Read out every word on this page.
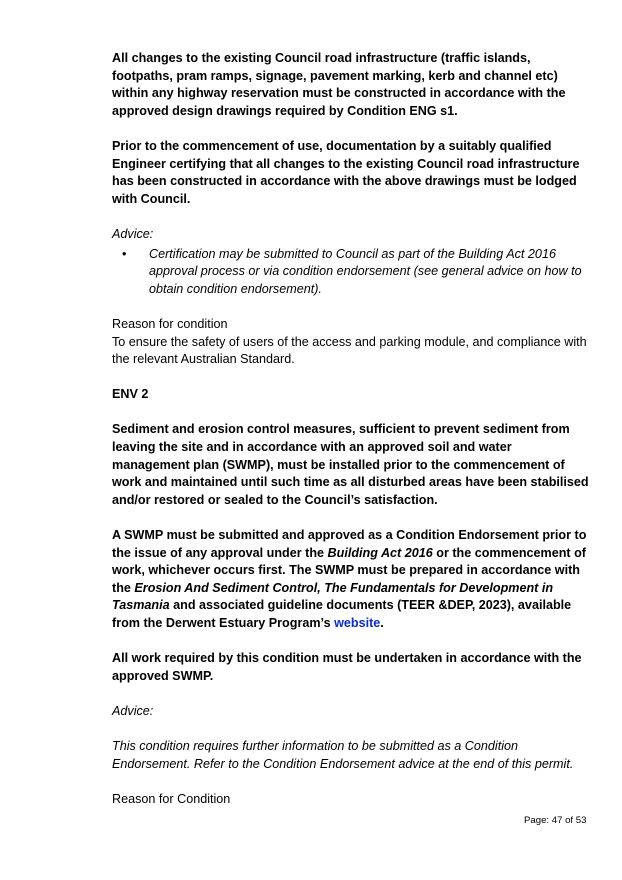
All changes to the existing Council road infrastructure (traffic islands, footpaths, pram ramps, signage, pavement marking, kerb and channel etc) within any highway reservation must be constructed in accordance with the approved design drawings required by Condition ENG s1.

Prior to the commencement of use, documentation by a suitably qualified Engineer certifying that all changes to the existing Council road infrastructure has been constructed in accordance with the above drawings must be lodged with Council.

Advice:

• Certification may be submitted to Council as part of the Building Act 2016 approval process or via condition endorsement (see general advice on how to obtain condition endorsement).

Reason for condition

To ensure the safety of users of the access and parking module, and compliance with the relevant Australian Standard.

ENV 2

Sediment and erosion control measures, sufficient to prevent sediment from leaving the site and in accordance with an approved soil and water management plan (SWMP), must be installed prior to the commencement of work and maintained until such time as all disturbed areas have been stabilised and/or restored or sealed to the Council’s satisfaction.

A SWMP must be submitted and approved as a Condition Endorsement prior to the issue of any approval under the Building Act 2016 or the commencement of work, whichever occurs first. The SWMP must be prepared in accordance with the Erosion And Sediment Control, The Fundamentals for Development in Tasmania and associated guideline documents (TEER &DEP, 2023), available from the Derwent Estuary Program’s website.

All work required by this condition must be undertaken in accordance with the approved SWMP.

Advice:

This condition requires further information to be submitted as a Condition Endorsement. Refer to the Condition Endorsement advice at the end of this permit.

Reason for Condition

Page: 47 of 53
